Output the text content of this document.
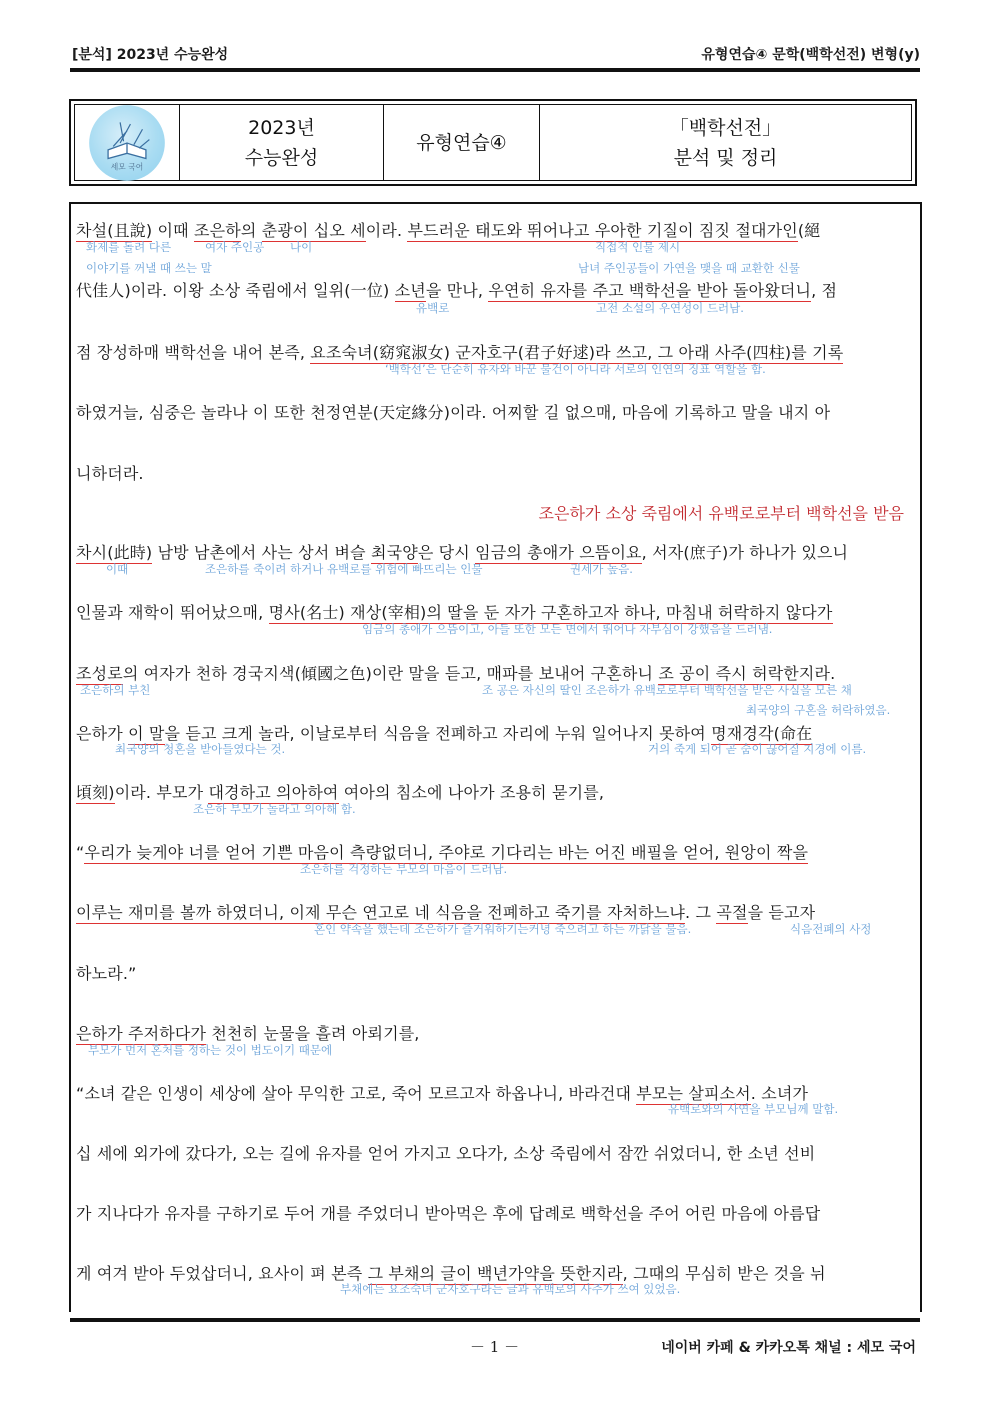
[분석] 2023년 수능완성	유형연습④ 문학(백학선전) 변형(y)
세모 국어
2023년
수능완성
유형연습④
「백학선전」
분석 및 정리
차설(且說) 이때 조은하의 춘광이 십오 세이라. 부드러운 태도와 뛰어나고 우아한 기질이 짐짓 절대가인(絕
代佳人)이라. 이왕 소상 죽림에서 일위(一位) 소년을 만나, 우연히 유자를 주고 백학선을 받아 돌아왔더니, 점
점 장성하매 백학선을 내어 본즉, 요조숙녀(窈窕淑女) 군자호구(君子好逑)라 쓰고, 그 아래 사주(四柱)를 기록
하였거늘, 심중은 놀라나 이 또한 천정연분(天定緣分)이라. 어찌할 길 없으매, 마음에 기록하고 말을 내지 아
니하더라.
차시(此時) 남방 남촌에서 사는 상서 벼슬 최국양은 당시 임금의 총애가 으뜸이요, 서자(庶子)가 하나가 있으니
인물과 재학이 뛰어났으매, 명사(名士) 재상(宰相)의 딸을 둔 자가 구혼하고자 하나, 마침내 허락하지 않다가
조성로의 여자가 천하 경국지색(傾國之色)이란 말을 듣고, 매파를 보내어 구혼하니 조 공이 즉시 허락한지라.
은하가 이 말을 듣고 크게 놀라, 이날로부터 식음을 전폐하고 자리에 누워 일어나지 못하여 명재경각(命在
頃刻)이라. 부모가 대경하고 의아하여 여아의 침소에 나아가 조용히 묻기를,
“우리가 늦게야 너를 얻어 기쁜 마음이 측량없더니, 주야로 기다리는 바는 어진 배필을 얻어, 원앙이 짝을
이루는 재미를 볼까 하였더니, 이제 무슨 연고로 네 식음을 전폐하고 죽기를 자처하느냐. 그 곡절을 듣고자
하노라.”
은하가 주저하다가 천천히 눈물을 흘려 아뢰기를,
“소녀 같은 인생이 세상에 살아 무익한 고로, 죽어 모르고자 하옵나니, 바라건대 부모는 살피소서. 소녀가
십 세에 외가에 갔다가, 오는 길에 유자를 얻어 가지고 오다가, 소상 죽림에서 잠깐 쉬었더니, 한 소년 선비
가 지나다가 유자를 구하기로 두어 개를 주었더니 받아먹은 후에 답례로 백학선을 주어 어린 마음에 아름답
게 여겨 받아 두었삽더니, 요사이 펴 본즉 그 부채의 글이 백년가약을 뜻한지라, 그때의 무심히 받은 것을 뉘
화제를 돌려 다른
이야기를 꺼낼 때 쓰는 말
여자 주인공 나이	직접적 인물 제시
남녀 주인공들이 가연을 맺을 때 교환한 신물
유백로	고전 소설의 우연성이 드러남.
‘백학선’은 단순히 유자와 바꾼 물건이 아니라 서로의 인연의 징표 역할을 함.
이때	조은하를 죽이려 하거나 유백로를 위험에 빠뜨리는 인물	권세가 높음.
임금의 총애가 으뜸이고, 아들 또한 모든 면에서 뛰어나 자부심이 강했음을 드러냄.
조은하의 부친	조 공은 자신의 딸인 조은하가 유백로로부터 백학선을 받은 사실을 모른 채
최국양의 구혼을 허락하였음.
최국양의 청혼을 받아들였다는 것.	거의 죽게 되어 곧 숨이 끊어질 지경에 이름.
조은하 부모가 놀라고 의아해 함.
조은하를 걱정하는 부모의 마음이 드러남.
혼인 약속을 했는데 조은하가 즐거워하기는커녕 죽으려고 하는 까닭을 물음.	식음전폐의 사정
부모가 먼저 혼처를 정하는 것이 법도이기 때문에
유백로와의 사연을 부모님께 말함.
부채에는 요조숙녀 군자호구라는 글과 유백로의 사주가 쓰여 있었음.
조은하가 소상 죽림에서 유백로로부터 백학선을 받음
－ 1 －	네이버 카페 & 카카오톡 채널 : 세모 국어
